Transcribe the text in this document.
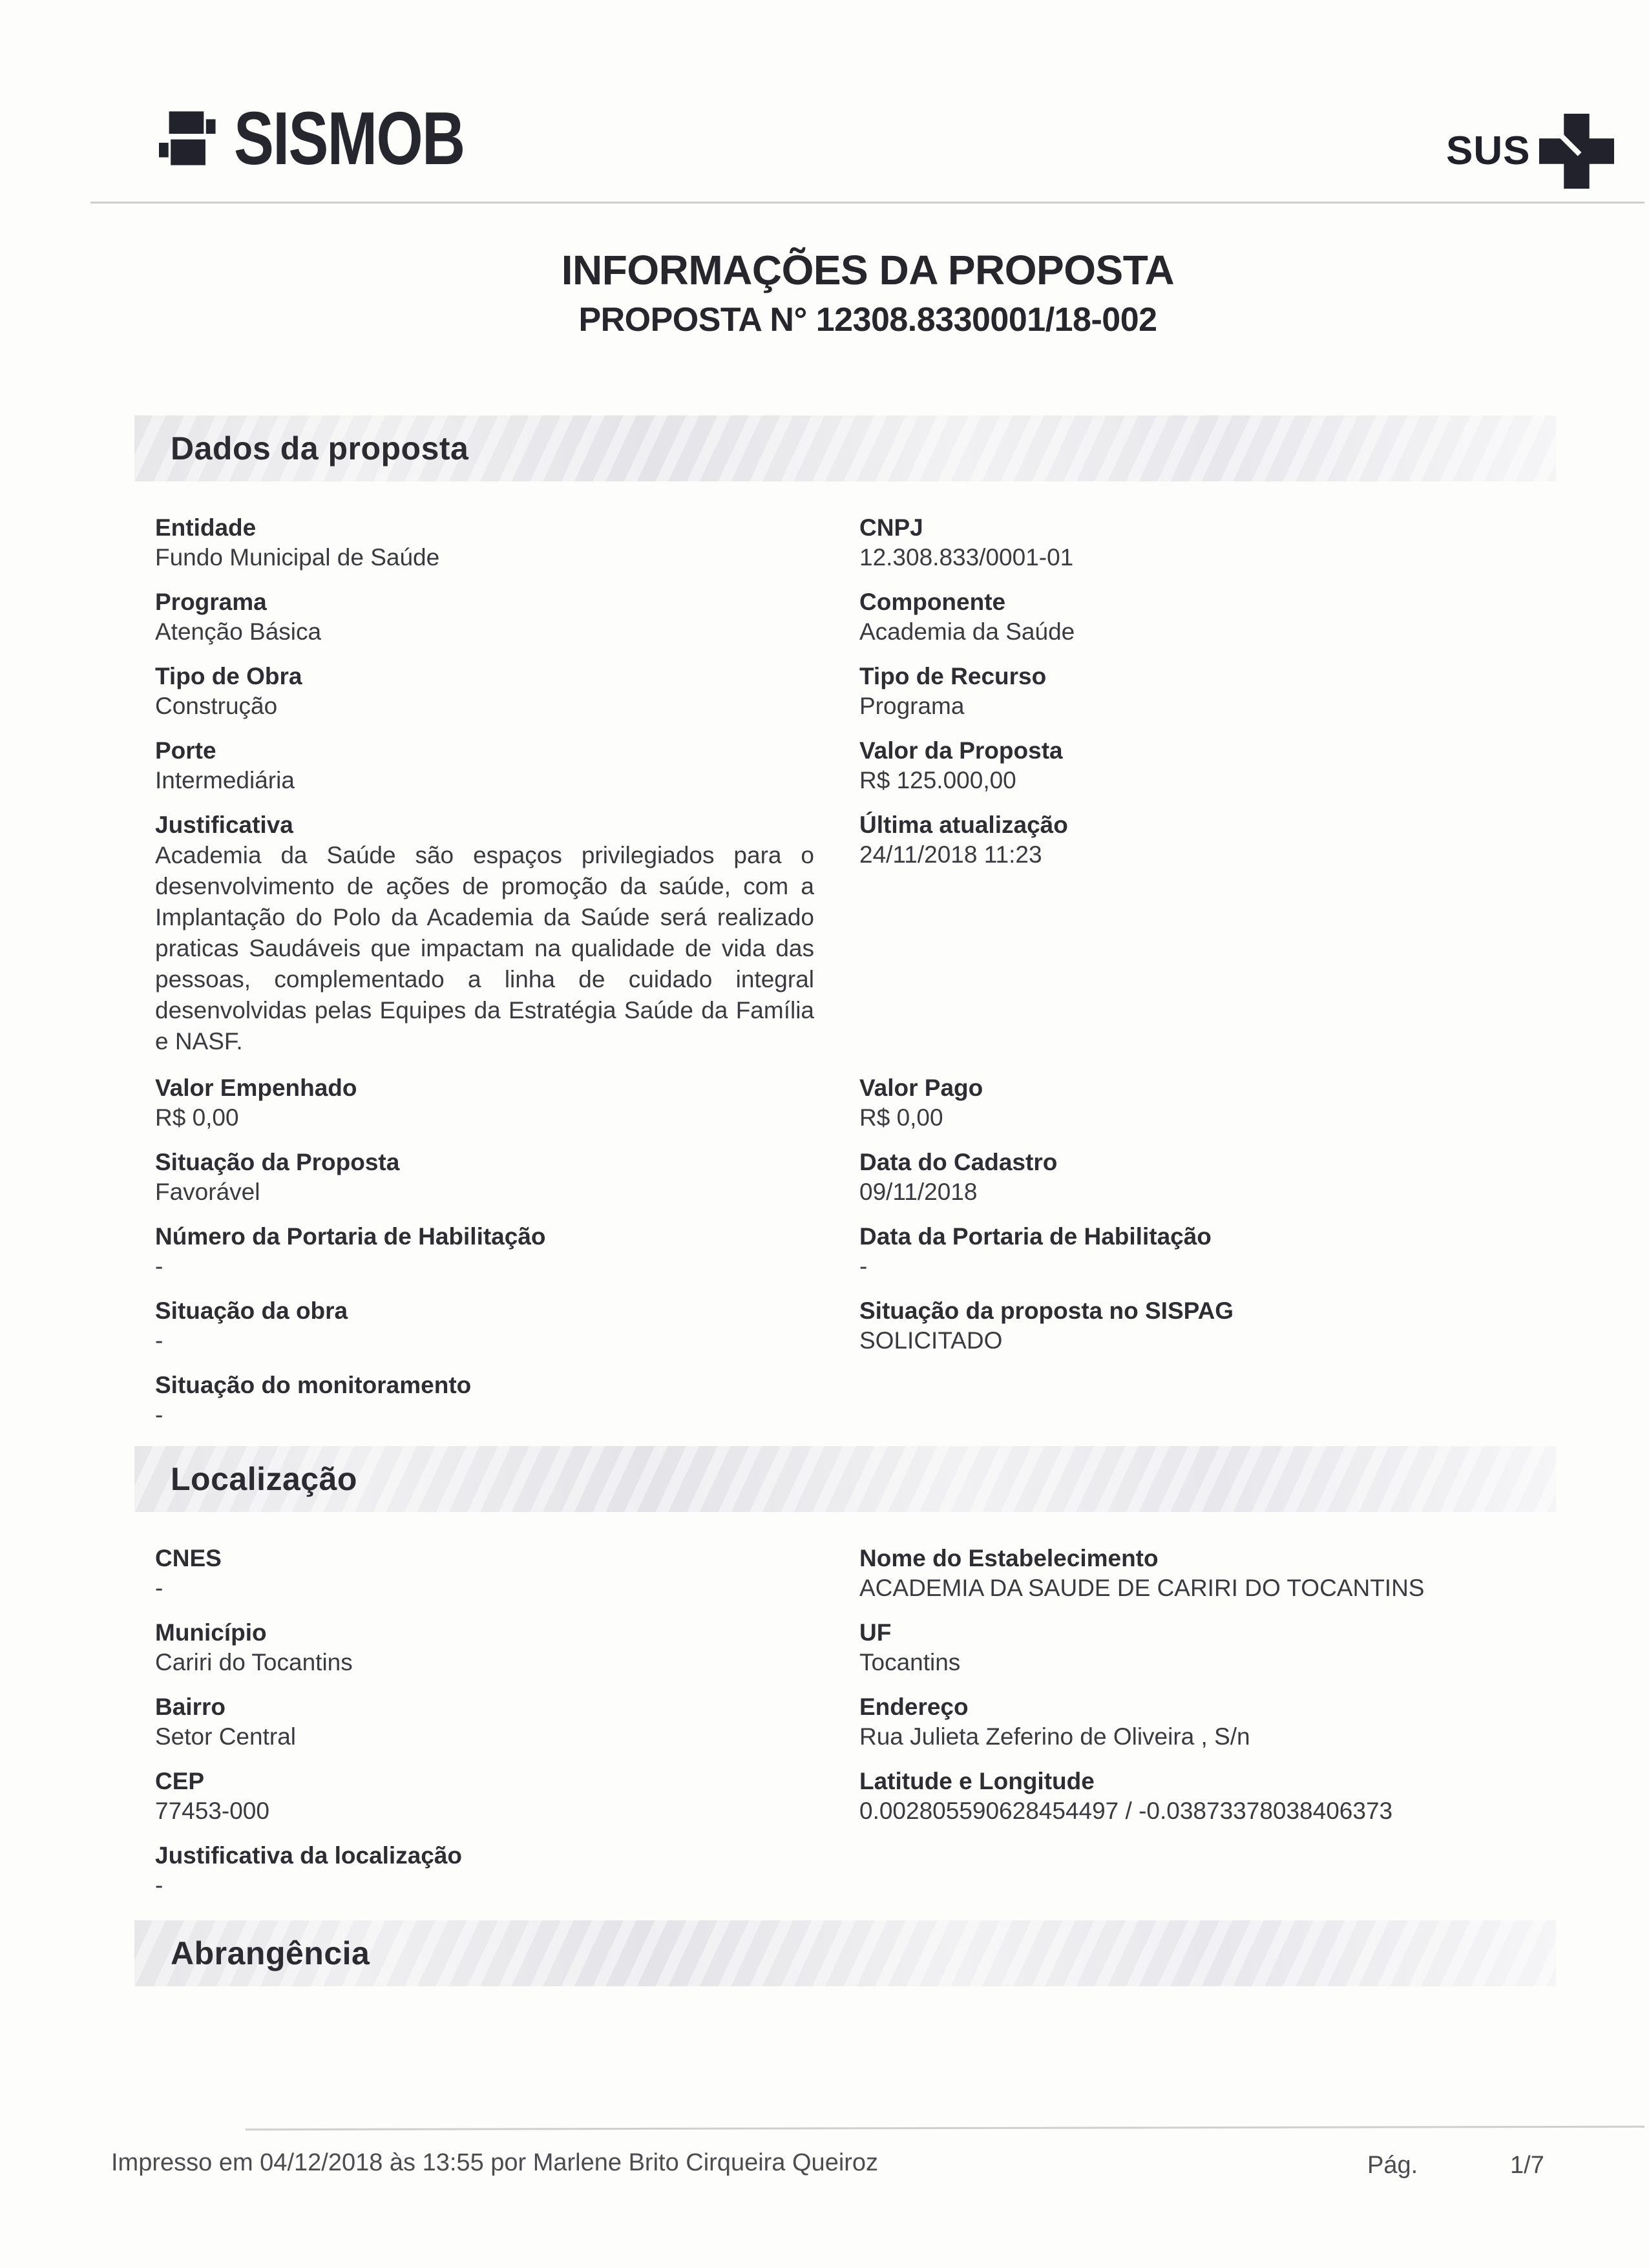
SISMOB	SUS
INFORMAÇÕES DA PROPOSTA
PROPOSTA N° 12308.8330001/18-002
Dados da proposta
Entidade
Fundo Municipal de Saúde
CNPJ
12.308.833/0001-01
Programa
Atenção Básica
Componente
Academia da Saúde
Tipo de Obra
Construção
Tipo de Recurso
Programa
Porte
Intermediária
Valor da Proposta
R$ 125.000,00
Justificativa
Academia da Saúde são espaços privilegiados para o desenvolvimento de ações de promoção da saúde, com a Implantação do Polo da Academia da Saúde será realizado praticas Saudáveis que impactam na qualidade de vida das pessoas, complementado a linha de cuidado integral desenvolvidas pelas Equipes da Estratégia Saúde da Família e NASF.
Última atualização
24/11/2018 11:23
Valor Empenhado
R$ 0,00
Valor Pago
R$ 0,00
Situação da Proposta
Favorável
Data do Cadastro
09/11/2018
Número da Portaria de Habilitação
-
Data da Portaria de Habilitação
-
Situação da obra
-
Situação da proposta no SISPAG
SOLICITADO
Situação do monitoramento
-
Localização
CNES
-
Nome do Estabelecimento
ACADEMIA DA SAUDE DE CARIRI DO TOCANTINS
Município
Cariri do Tocantins
UF
Tocantins
Bairro
Setor Central
Endereço
Rua Julieta Zeferino de Oliveira , S/n
CEP
77453-000
Latitude e Longitude
0.002805590628454497 / -0.03873378038406373
Justificativa da localização
-
Abrangência
Impresso em 04/12/2018 às 13:55 por Marlene Brito Cirqueira Queiroz	Pág.	1/7
